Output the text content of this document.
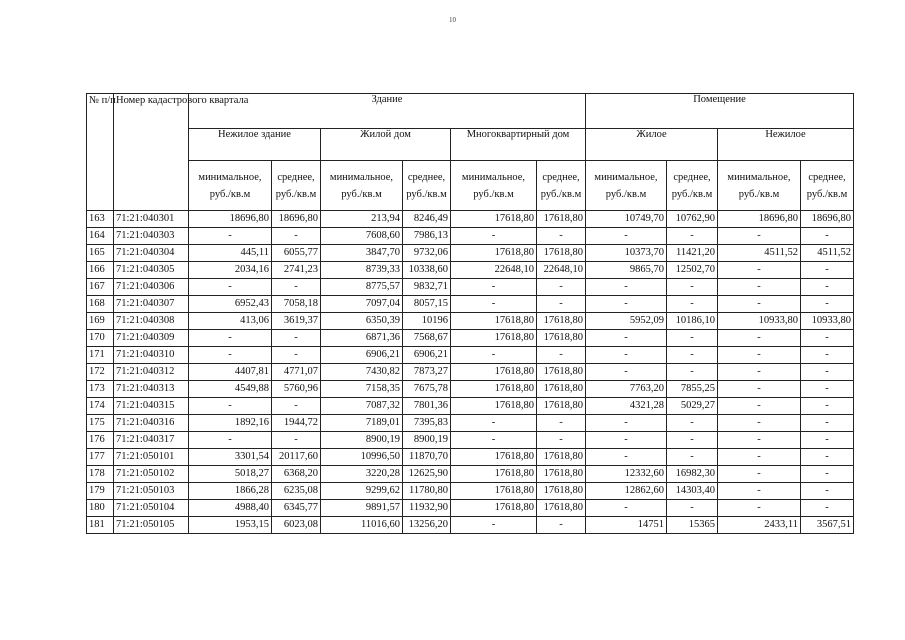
10
№ п/п	Номер кадастрового квартала	Здание						Помещение			
		Нежилое здание		Жилой дом		Многоквартирный дом		Жилое		Нежилое	
		минимальное, руб./кв.м	среднее, руб./кв.м	минимальное, руб./кв.м	среднее, руб./кв.м	минимальное, руб./кв.м	среднее, руб./кв.м	минимальное, руб./кв.м	среднее, руб./кв.м	минимальное, руб./кв.м	среднее, руб./кв.м
163	71:21:040301	18696,80	18696,80	213,94	8246,49	17618,80	17618,80	10749,70	10762,90	18696,80	18696,80
164	71:21:040303	-	-	7608,60	7986,13	-	-	-	-	-	-
165	71:21:040304	445,11	6055,77	3847,70	9732,06	17618,80	17618,80	10373,70	11421,20	4511,52	4511,52
166	71:21:040305	2034,16	2741,23	8739,33	10338,60	22648,10	22648,10	9865,70	12502,70	-	-
167	71:21:040306	-	-	8775,57	9832,71	-	-	-	-	-	-
168	71:21:040307	6952,43	7058,18	7097,04	8057,15	-	-	-	-	-	-
169	71:21:040308	413,06	3619,37	6350,39	10196	17618,80	17618,80	5952,09	10186,10	10933,80	10933,80
170	71:21:040309	-	-	6871,36	7568,67	17618,80	17618,80	-	-	-	-
171	71:21:040310	-	-	6906,21	6906,21	-	-	-	-	-	-
172	71:21:040312	4407,81	4771,07	7430,82	7873,27	17618,80	17618,80	-	-	-	-
173	71:21:040313	4549,88	5760,96	7158,35	7675,78	17618,80	17618,80	7763,20	7855,25	-	-
174	71:21:040315	-	-	7087,32	7801,36	17618,80	17618,80	4321,28	5029,27	-	-
175	71:21:040316	1892,16	1944,72	7189,01	7395,83	-	-	-	-	-	-
176	71:21:040317	-	-	8900,19	8900,19	-	-	-	-	-	-
177	71:21:050101	3301,54	20117,60	10996,50	11870,70	17618,80	17618,80	-	-	-	-
178	71:21:050102	5018,27	6368,20	3220,28	12625,90	17618,80	17618,80	12332,60	16982,30	-	-
179	71:21:050103	1866,28	6235,08	9299,62	11780,80	17618,80	17618,80	12862,60	14303,40	-	-
180	71:21:050104	4988,40	6345,77	9891,57	11932,90	17618,80	17618,80	-	-	-	-
181	71:21:050105	1953,15	6023,08	11016,60	13256,20	-	-	14751	15365	2433,11	3567,51
